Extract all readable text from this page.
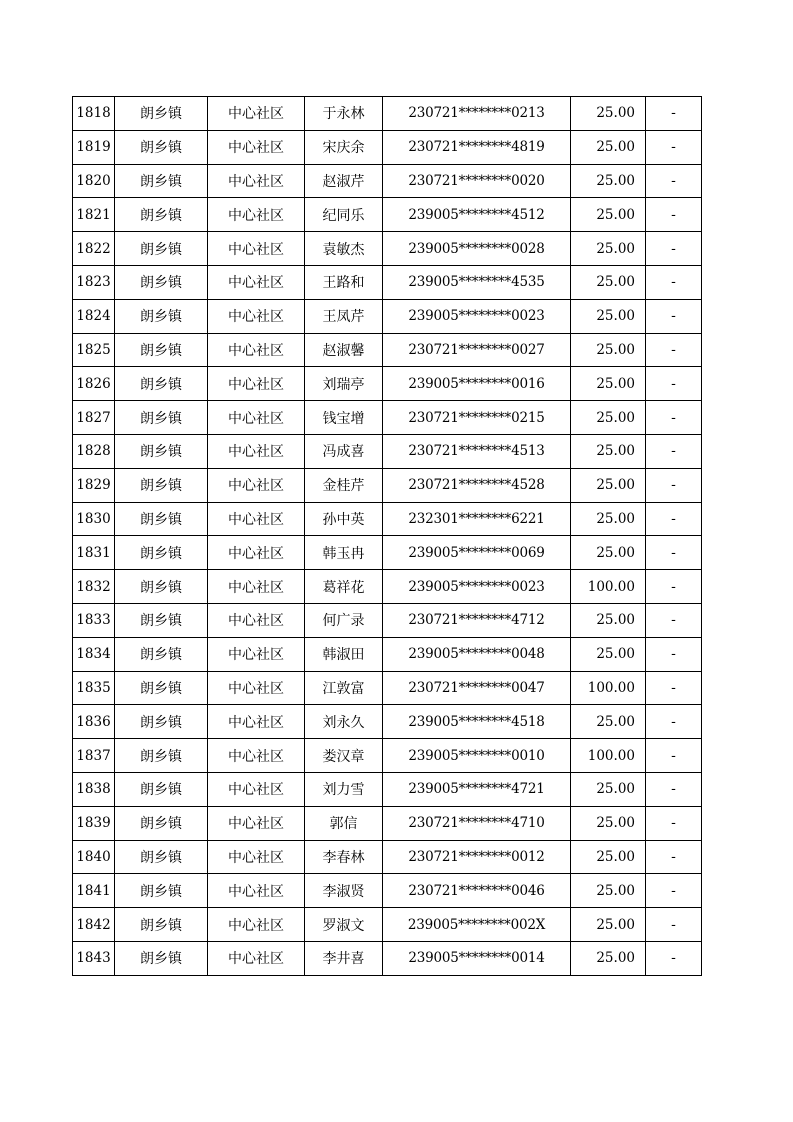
1818	朗乡镇	中心社区	于永林	230721********0213	25.00	-
1819	朗乡镇	中心社区	宋庆余	230721********4819	25.00	-
1820	朗乡镇	中心社区	赵淑芹	230721********0020	25.00	-
1821	朗乡镇	中心社区	纪同乐	239005********4512	25.00	-
1822	朗乡镇	中心社区	袁敏杰	239005********0028	25.00	-
1823	朗乡镇	中心社区	王路和	239005********4535	25.00	-
1824	朗乡镇	中心社区	王凤芹	239005********0023	25.00	-
1825	朗乡镇	中心社区	赵淑馨	230721********0027	25.00	-
1826	朗乡镇	中心社区	刘瑞亭	239005********0016	25.00	-
1827	朗乡镇	中心社区	钱宝增	230721********0215	25.00	-
1828	朗乡镇	中心社区	冯成喜	230721********4513	25.00	-
1829	朗乡镇	中心社区	金桂芹	230721********4528	25.00	-
1830	朗乡镇	中心社区	孙中英	232301********6221	25.00	-
1831	朗乡镇	中心社区	韩玉冉	239005********0069	25.00	-
1832	朗乡镇	中心社区	葛祥花	239005********0023	100.00	-
1833	朗乡镇	中心社区	何广录	230721********4712	25.00	-
1834	朗乡镇	中心社区	韩淑田	239005********0048	25.00	-
1835	朗乡镇	中心社区	江敦富	230721********0047	100.00	-
1836	朗乡镇	中心社区	刘永久	239005********4518	25.00	-
1837	朗乡镇	中心社区	娄汉章	239005********0010	100.00	-
1838	朗乡镇	中心社区	刘力雪	239005********4721	25.00	-
1839	朗乡镇	中心社区	郭信	230721********4710	25.00	-
1840	朗乡镇	中心社区	李春林	230721********0012	25.00	-
1841	朗乡镇	中心社区	李淑贤	230721********0046	25.00	-
1842	朗乡镇	中心社区	罗淑文	239005********002X	25.00	-
1843	朗乡镇	中心社区	李井喜	239005********0014	25.00	-
